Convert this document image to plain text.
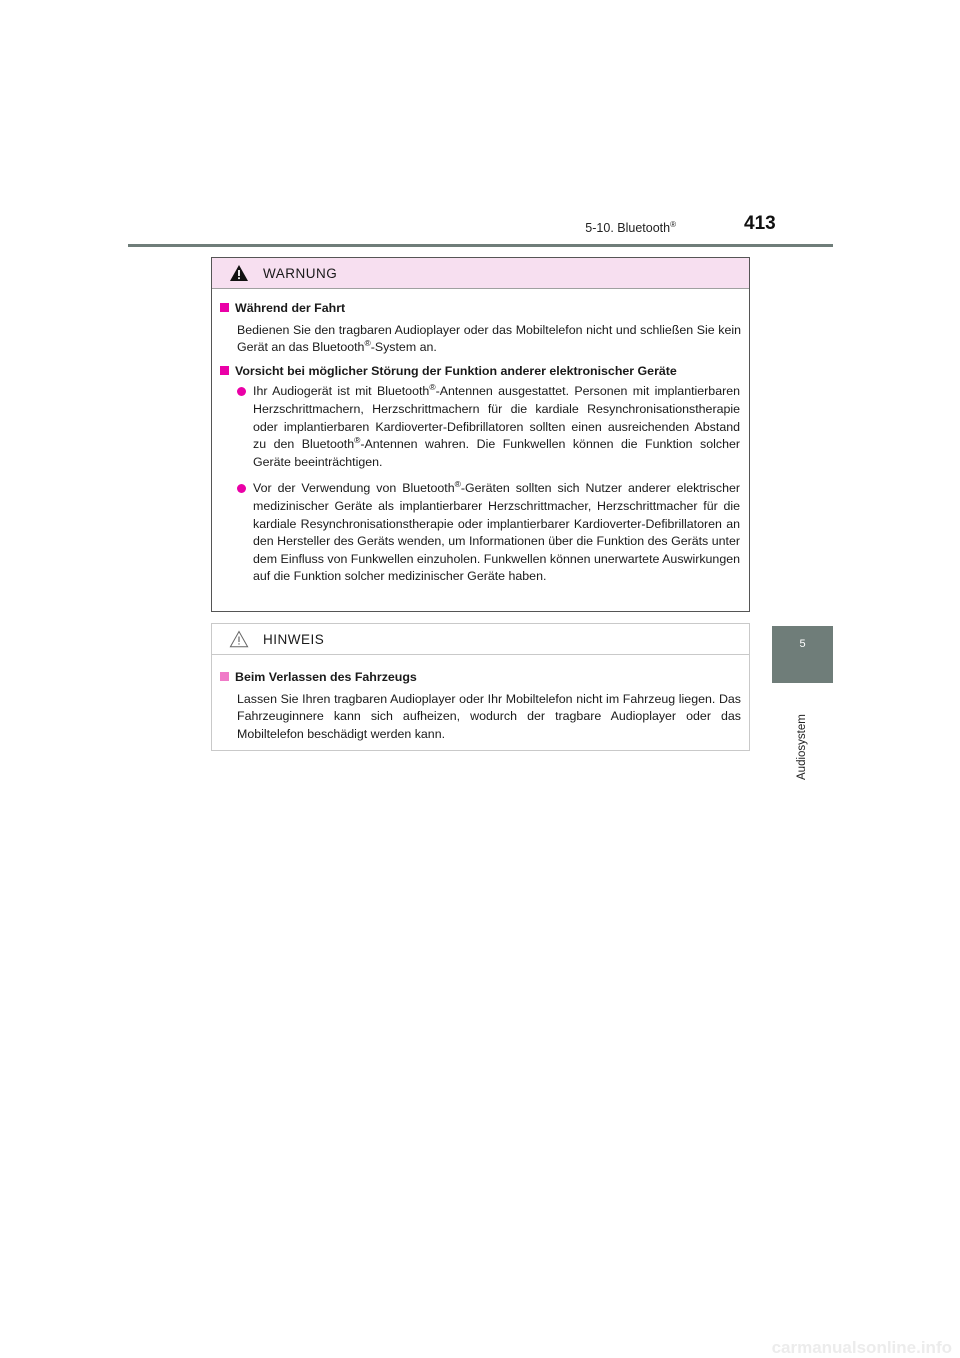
5-10. Bluetooth®	413
5
Audiosystem
WARNUNG
Während der Fahrt
Bedienen Sie den tragbaren Audioplayer oder das Mobiltelefon nicht und schließen Sie kein Gerät an das Bluetooth®-System an.
Vorsicht bei möglicher Störung der Funktion anderer elektronischer Geräte
Ihr Audiogerät ist mit Bluetooth®-Antennen ausgestattet. Personen mit implantierbaren Herzschrittmachern, Herzschrittmachern für die kardiale Resynchronisationstherapie oder implantierbaren Kardioverter-Defibrillatoren sollten einen ausreichenden Abstand zu den Bluetooth®-Antennen wahren. Die Funkwellen können die Funktion solcher Geräte beeinträchtigen.
Vor der Verwendung von Bluetooth®-Geräten sollten sich Nutzer anderer elektrischer medizinischer Geräte als implantierbarer Herzschrittmacher, Herzschrittmacher für die kardiale Resynchronisationstherapie oder implantierbarer Kardioverter-Defibrillatoren an den Hersteller des Geräts wenden, um Informationen über die Funktion des Geräts unter dem Einfluss von Funkwellen einzuholen. Funkwellen können unerwartete Auswirkungen auf die Funktion solcher medizinischer Geräte haben.
HINWEIS
Beim Verlassen des Fahrzeugs
Lassen Sie Ihren tragbaren Audioplayer oder Ihr Mobiltelefon nicht im Fahrzeug liegen. Das Fahrzeuginnere kann sich aufheizen, wodurch der tragbare Audioplayer oder das Mobiltelefon beschädigt werden kann.
carmanualsonline.info
